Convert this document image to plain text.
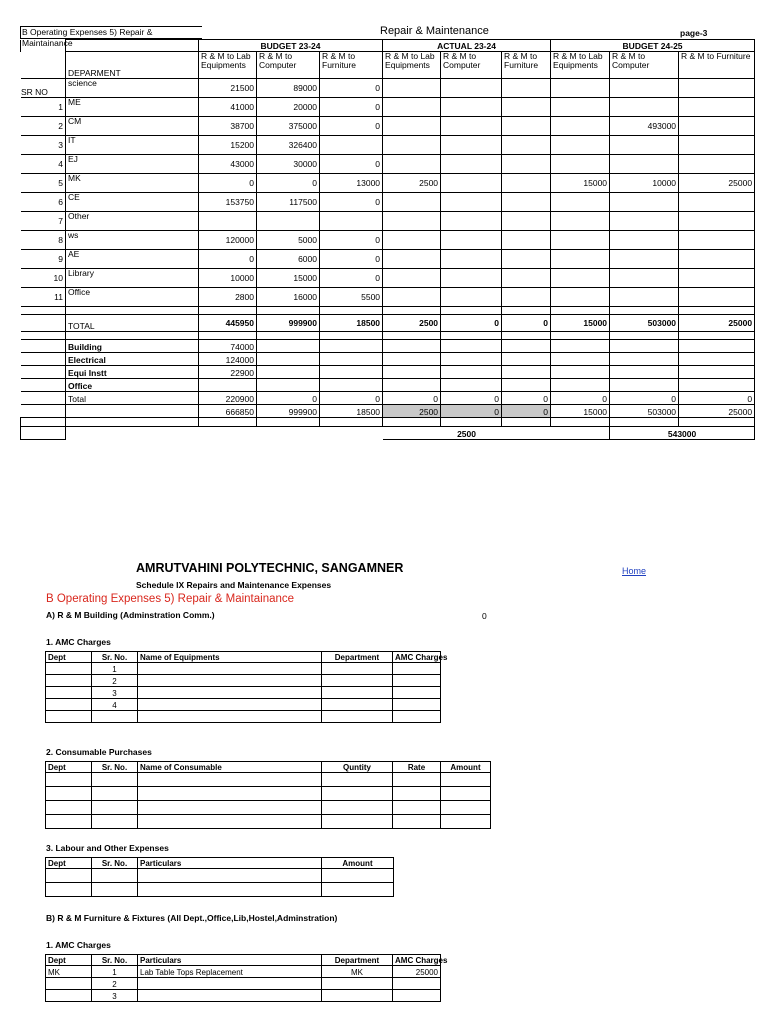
B Operating Expenses 5) Repair & Maintainance
Repair & Maintenance	page-3
		BUDGET 23-24			ACTUAL 23-24			BUDGET 24-25		
	DEPARMENT	R & M to Lab Equipments	R & M to Computer	R & M to Furniture	R & M to Lab Equipments	R & M to Computer	R & M to Furniture	R & M to Lab Equipments	R & M to Computer	R & M to Furniture
	science	21500	89000	0						
1	ME	41000	20000	0						
2	CM	38700	375000	0					493000	
3	IT	15200	326400							
4	EJ	43000	30000	0						
5	MK	0	0	13000	2500			15000	10000	25000
6	CE	153750	117500	0						
7	Other									
8	ws	120000	5000	0						
9	AE	0	6000	0						
10	Library	10000	15000	0						
11	Office	2800	16000	5500						

	TOTAL	445950	999900	18500	2500	0	0	15000	503000	25000

	Building	74000								
	Electrical	124000								
	Equi Instt	22900								
	Office									
	Total	220900	0	0	0	0	0	0	0	0
		666850	999900	18500	2500	0	0	15000	503000	25000

					2500				543000	
SR NO
AMRUTVAHINI POLYTECHNIC, SANGAMNER	Home
Schedule IX Repairs and Maintenance Expenses
B Operating Expenses 5) Repair & Maintainance
A) R & M Building (Adminstration Comm.)	0
1. AMC Charges
Dept	Sr. No.	Name of Equipments	Department	AMC Charges
	1			
	2			
	3			
	4			

2. Consumable Purchases
Dept	Sr. No.	Name of Consumable	Quntity	Rate	Amount

3. Labour and Other Expenses
Dept	Sr. No.	Particulars	Amount

B) R & M Furniture & Fixtures (All Dept.,Office,Lib,Hostel,Adminstration)
1. AMC Charges
Dept	Sr. No.	Particulars	Department	AMC Charges
MK	1	Lab Table Tops Replacement	MK	25000
	2			
	3			
